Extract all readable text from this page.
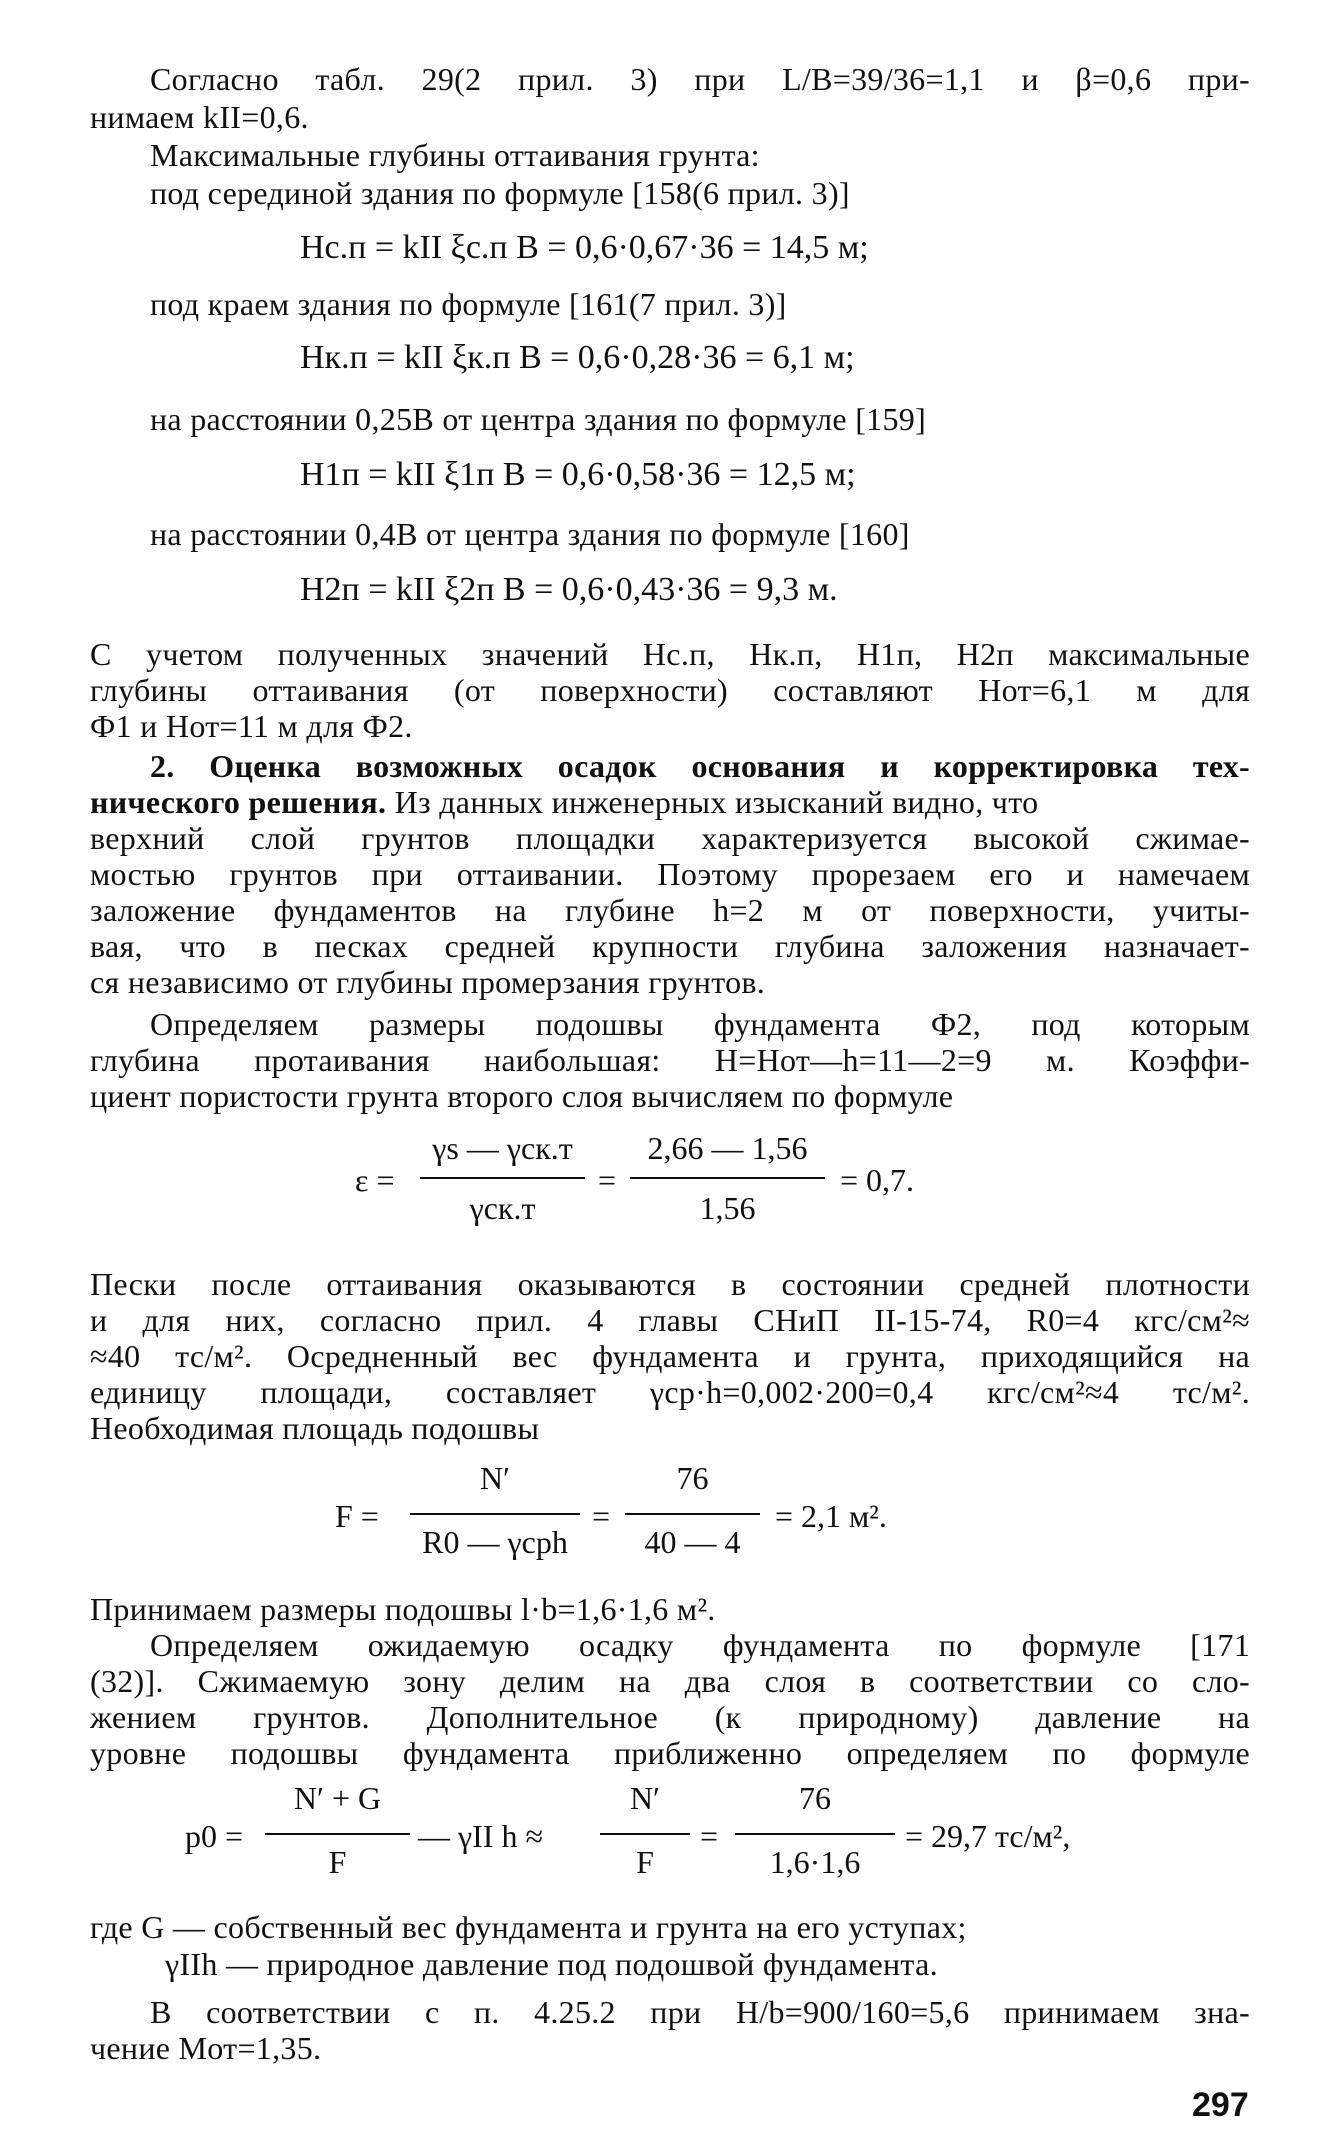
Согласно табл. 29(2 прил. 3) при L/B=39/36=1,1 и β=0,6 при-
нимаем kII=0,6.
Максимальные глубины оттаивания грунта:
под серединой здания по формуле [158(6 прил. 3)]
Hс.п = kII ξс.п B = 0,6·0,67·36 = 14,5 м;
под краем здания по формуле [161(7 прил. 3)]
Hк.п = kII ξк.п B = 0,6·0,28·36 = 6,1 м;
на расстоянии 0,25B от центра здания по формуле [159]
H1п = kII ξ1п B = 0,6·0,58·36 = 12,5 м;
на расстоянии 0,4B от центра здания по формуле [160]
H2п = kII ξ2п B = 0,6·0,43·36 = 9,3 м.
С учетом полученных значений Hс.п, Hк.п, H1п, H2п максимальные
глубины оттаивания (от поверхности) составляют Hот=6,1 м для
Ф1 и Hот=11 м для Ф2.
2. Оценка возможных осадок основания и корректировка тех-
нического решения. Из данных инженерных изысканий видно, что
верхний слой грунтов площадки характеризуется высокой сжимае-
мостью грунтов при оттаивании. Поэтому прорезаем его и намечаем
заложение фундаментов на глубине h=2 м от поверхности, учиты-
вая, что в песках средней крупности глубина заложения назначает-
ся независимо от глубины промерзания грунтов.
Определяем размеры подошвы фундамента Ф2, под которым
глубина протаивания наибольшая: H=Hот—h=11—2=9 м. Коэффи-
циент пористости грунта второго слоя вычисляем по формуле
ε =
γs — γск.т
γск.т
=
2,66 — 1,56
1,56
= 0,7.
Пески после оттаивания оказываются в состоянии средней плотности
и для них, согласно прил. 4 главы СНиП II-15-74, R0=4 кгс/см²≈
≈40 тс/м². Осредненный вес фундамента и грунта, приходящийся на
единицу площади, составляет γср·h=0,002·200=0,4 кгс/см²≈4 тс/м².
Необходимая площадь подошвы
F =
N′
R0 — γсрh
=
76
40 — 4
= 2,1 м².
Принимаем размеры подошвы l·b=1,6·1,6 м².
Определяем ожидаемую осадку фундамента по формуле [171
(32)]. Сжимаемую зону делим на два слоя в соответствии со сло-
жением грунтов. Дополнительное (к природному) давление на
уровне подошвы фундамента приближенно определяем по формуле
p0 =
N′ + G
F
— γII h ≈
N′
F
=
76
1,6·1,6
= 29,7 тс/м²,
где G — собственный вес фундамента и грунта на его уступах;
γIIh — природное давление под подошвой фундамента.
В соответствии с п. 4.25.2 при H/b=900/160=5,6 принимаем зна-
чение Mот=1,35.
297
